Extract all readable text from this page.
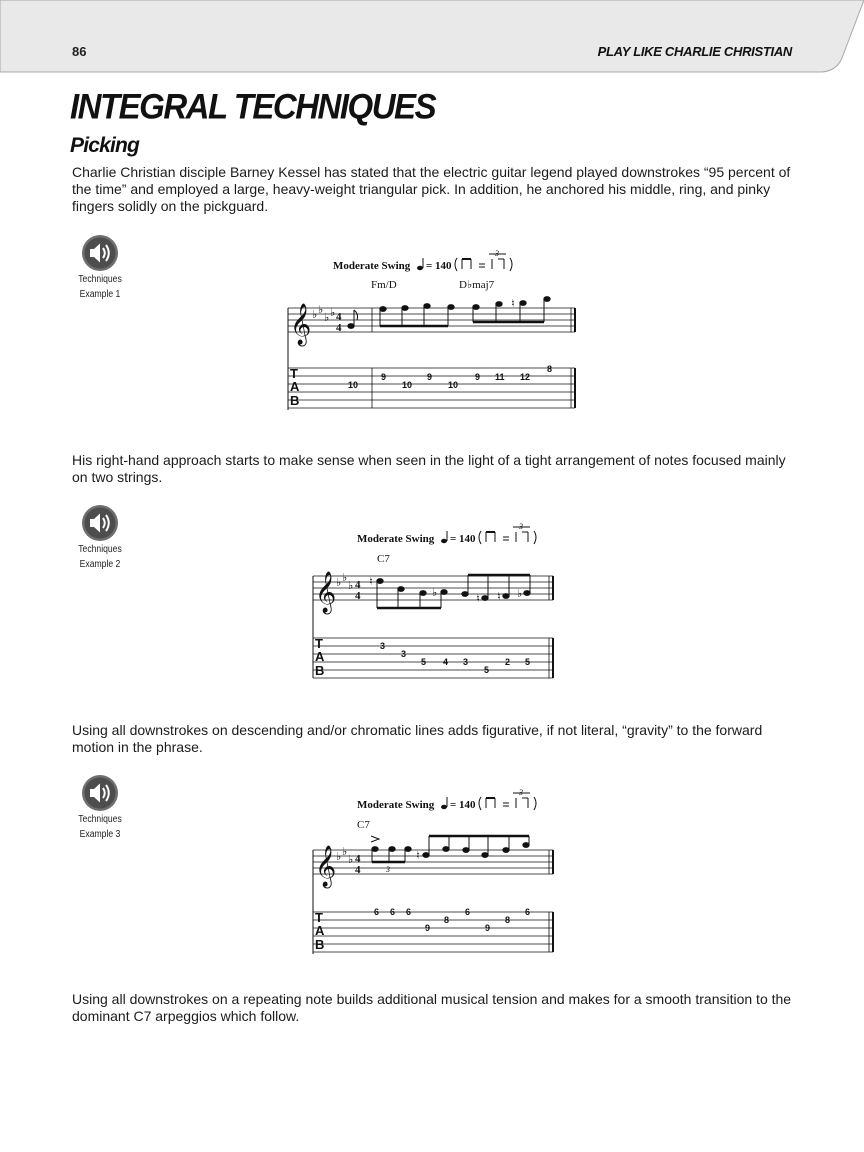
86	PLAY LIKE CHARLIE CHRISTIAN
INTEGRAL TECHNIQUES
Picking

Charlie Christian disciple Barney Kessel has stated that the electric guitar legend played downstrokes “95 percent of the time” and employed a large, heavy-weight triangular pick. In addition, he anchored his middle, ring, and pinky fingers solidly on the pickguard.

Techniques
Example 1
Moderate Swing = 140
3
Fm/D	D♭maj7
𝄞 ♭ ♭
♭ ♭ 4
4
♮
T
A
B
10
9
10
9
10
9 11 12
8

His right-hand approach starts to make sense when seen in the light of a tight arrangement of notes focused mainly on two strings.

Techniques
Example 2
Moderate Swing = 140
3
C7
𝄞 ♭ ♭
♭ 4
4
♮
♭	♮ ♮ ♭
T
A
B
3
3
5 4 3
5
2 5

Using all downstrokes on descending and/or chromatic lines adds figurative, if not literal, “gravity” to the forward motion in the phrase.

Techniques
Example 3
Moderate Swing = 140
3
C7
𝄞 ♭ ♭
♭ 4
4	3
♮
T
A
B
6 6 6
9
8
6
9
8
6

Using all downstrokes on a repeating note builds additional musical tension and makes for a smooth transition to the dominant C7 arpeggios which follow.
